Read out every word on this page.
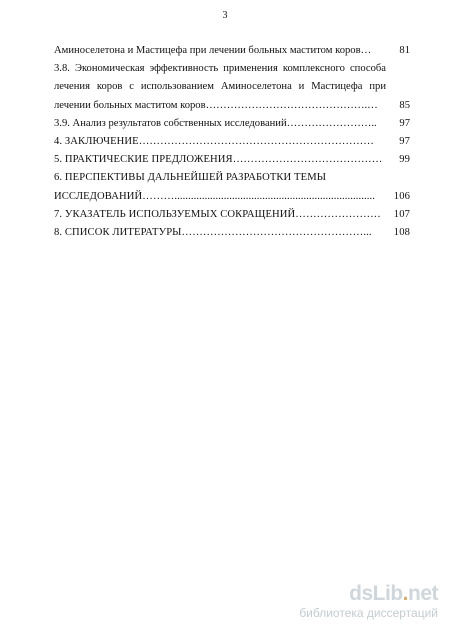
3
Аминоселетона и Мастицефа при лечении больных маститом коров…	81
3.8. Экономическая эффективность применения комплексного способа
лечения коров с использованием Аминоселетона и Мастицефа при
лечении больных маститом коров……………………………………….…	85
3.9. Анализ результатов собственных исследований……………………..	97
4. ЗАКЛЮЧЕНИЕ…………………………………………………………	97
5. ПРАКТИЧЕСКИЕ ПРЕДЛОЖЕНИЯ……………………………………	99
6. ПЕРСПЕКТИВЫ ДАЛЬНЕЙШЕЙ РАЗРАБОТКИ ТЕМЫ
ИССЛЕДОВАНИЙ……….........................................................................	106
7. УКАЗАТЕЛЬ ИСПОЛЬЗУЕМЫХ СОКРАЩЕНИЙ……………………	107
8. СПИСОК ЛИТЕРАТУРЫ……………………………………………...	108
dsLib.net
библиотека диссертаций
